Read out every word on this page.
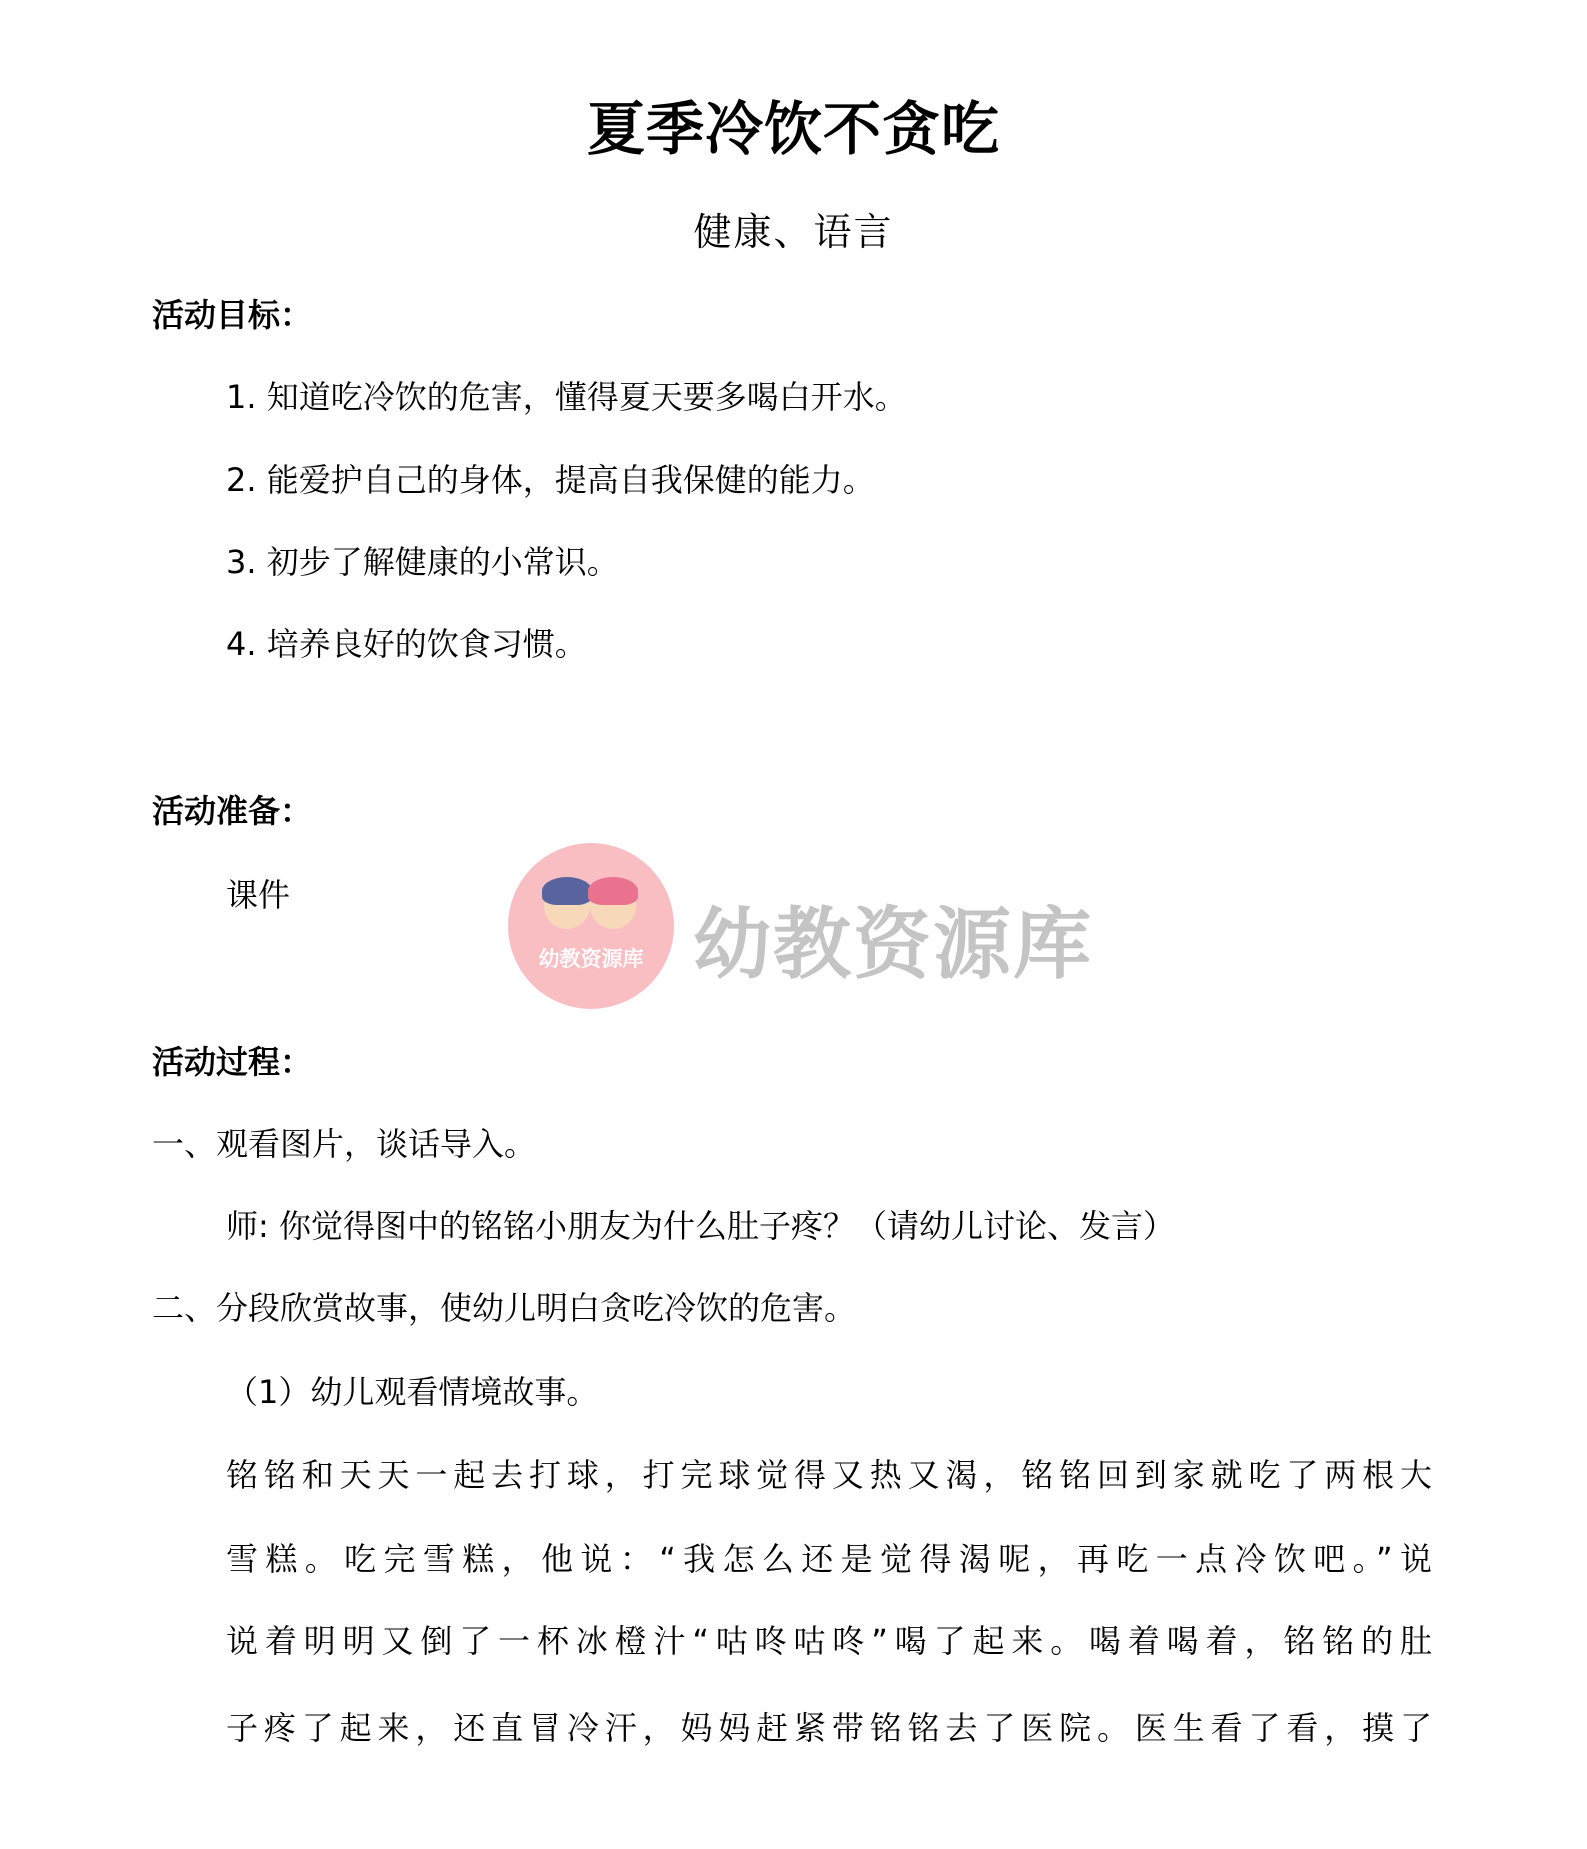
夏季冷饮不贪吃
健康、语言
活动目标：
1. 知道吃冷饮的危害，懂得夏天要多喝白开水。
2. 能爱护自己的身体，提高自我保健的能力。
3. 初步了解健康的小常识。
4. 培养良好的饮食习惯。
活动准备：
课件
幼教资源库 幼教资源库
活动过程：
一、观看图片，谈话导入。
师: 你觉得图中的铭铭小朋友为什么肚子疼？（请幼儿讨论、发言）
二、分段欣赏故事，使幼儿明白贪吃冷饮的危害。
（1）幼儿观看情境故事。
铭铭和天天一起去打球，打完球觉得又热又渴，铭铭回到家就吃了两根大
雪糕。吃完雪糕，他说：“我怎么还是觉得渴呢，再吃一点冷饮吧。”说
说着明明又倒了一杯冰橙汁“咕咚咕咚”喝了起来。喝着喝着，铭铭的肚
子疼了起来，还直冒冷汗，妈妈赶紧带铭铭去了医院。医生看了看，摸了
